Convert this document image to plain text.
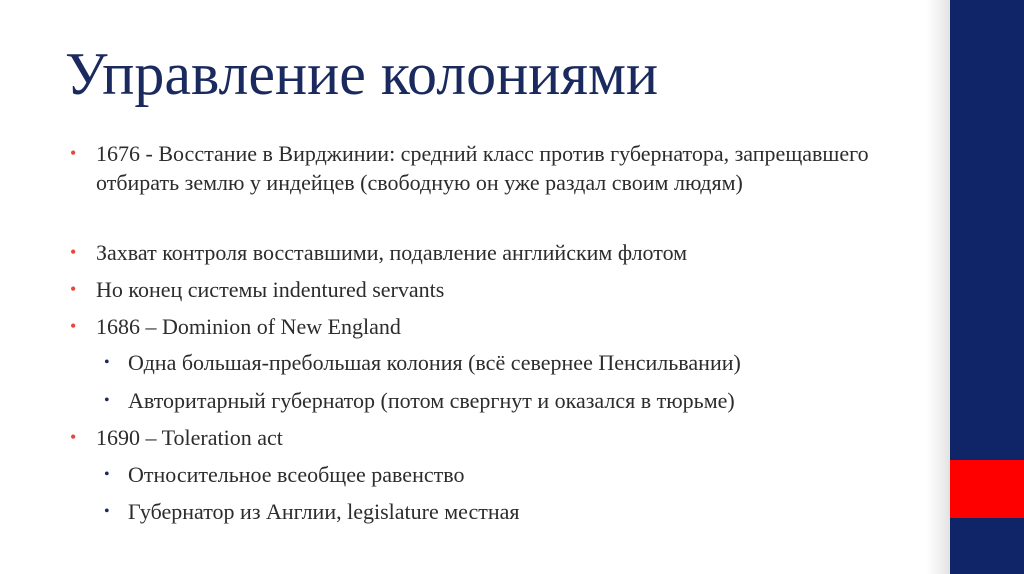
Управление колониями
• 1676 - Восстание в Вирджинии: средний класс против губернатора, запрещавшего отбирать землю у индейцев (свободную он уже раздал своим людям)
• Захват контроля восставшими, подавление английским флотом
• Но конец системы indentured servants
• 1686 – Dominion of New England
• Одна большая-пребольшая колония (всё севернее Пенсильвании)
• Авторитарный губернатор (потом свергнут и оказался в тюрьме)
• 1690 – Toleration act
• Относительное всеобщее равенство
• Губернатор из Англии, legislature местная
